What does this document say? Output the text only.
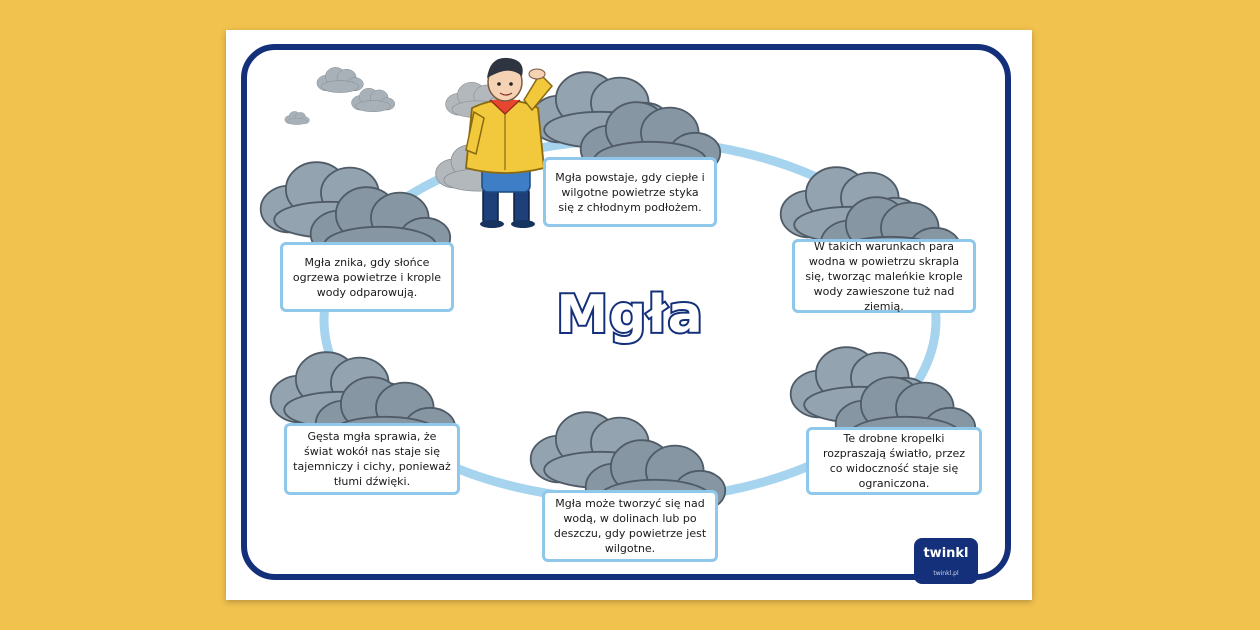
Mgła
Mgła powstaje, gdy ciepłe i wilgotne powietrze styka się z chłodnym podłożem.
W takich warunkach para wodna w powietrzu skrapla się, tworząc maleńkie krople wody zawieszone tuż nad ziemią.
Te drobne kropelki rozpraszają światło, przez co widoczność staje się ograniczona.
Mgła może tworzyć się nad wodą, w dolinach lub po deszczu, gdy powietrze jest wilgotne.
Gęsta mgła sprawia, że świat wokół nas staje się tajemniczy i cichy, ponieważ tłumi dźwięki.
Mgła znika, gdy słońce ogrzewa powietrze i krople wody odparowują.
twinkl
twinkl.pl
